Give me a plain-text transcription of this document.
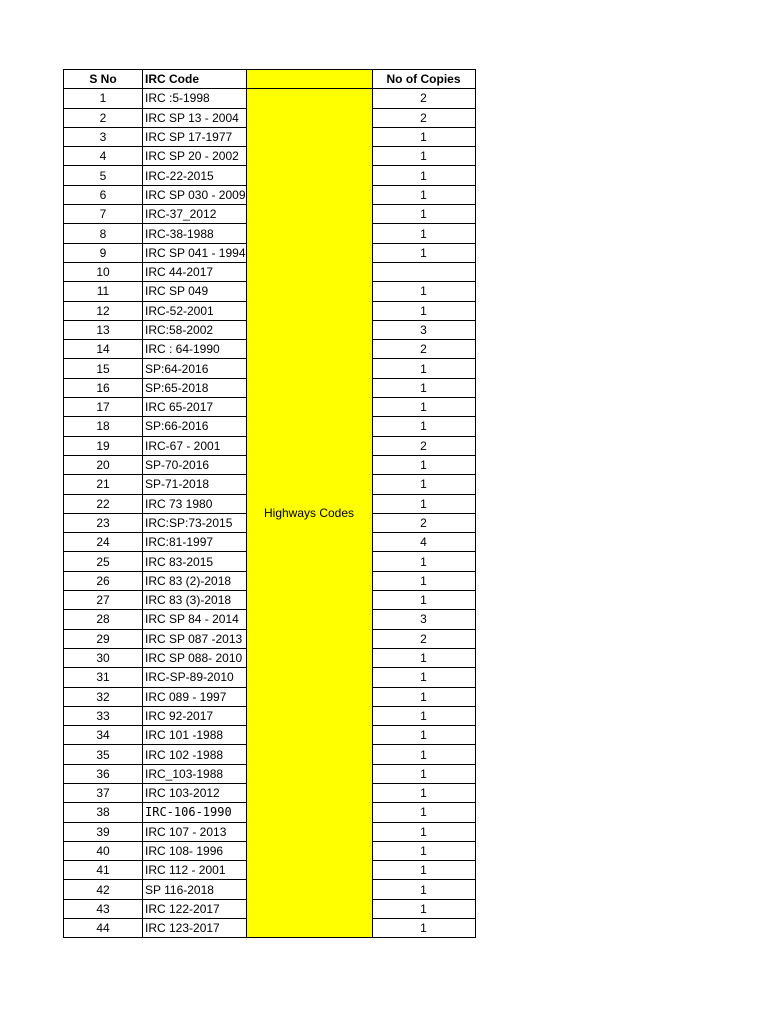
S No	IRC Code		No of Copies
1	IRC :5-1998	Highways Codes	2
2	IRC SP 13 - 2004		2
3	IRC SP 17-1977		1
4	IRC SP 20 - 2002		1
5	IRC-22-2015		1
6	IRC SP 030 - 2009		1
7	IRC-37_2012		1
8	IRC-38-1988		1
9	IRC SP 041 - 1994		1
10	IRC 44-2017		
11	IRC SP 049		1
12	IRC-52-2001		1
13	IRC:58-2002		3
14	IRC : 64-1990		2
15	SP:64-2016		1
16	SP:65-2018		1
17	IRC 65-2017		1
18	SP:66-2016		1
19	IRC-67 - 2001		2
20	SP-70-2016		1
21	SP-71-2018		1
22	IRC 73 1980		1
23	IRC:SP:73-2015		2
24	IRC:81-1997		4
25	IRC 83-2015		1
26	IRC 83 (2)-2018		1
27	IRC 83 (3)-2018		1
28	IRC SP 84 - 2014		3
29	IRC SP 087 -2013		2
30	IRC SP 088- 2010		1
31	IRC-SP-89-2010		1
32	IRC 089 - 1997		1
33	IRC 92-2017		1
34	IRC 101 -1988		1
35	IRC 102 -1988		1
36	IRC_103-1988		1
37	IRC 103-2012		1
38	IRC-106-1990		1
39	IRC 107 - 2013		1
40	IRC 108- 1996		1
41	IRC 112 - 2001		1
42	SP 116-2018		1
43	IRC 122-2017		1
44	IRC 123-2017		1
